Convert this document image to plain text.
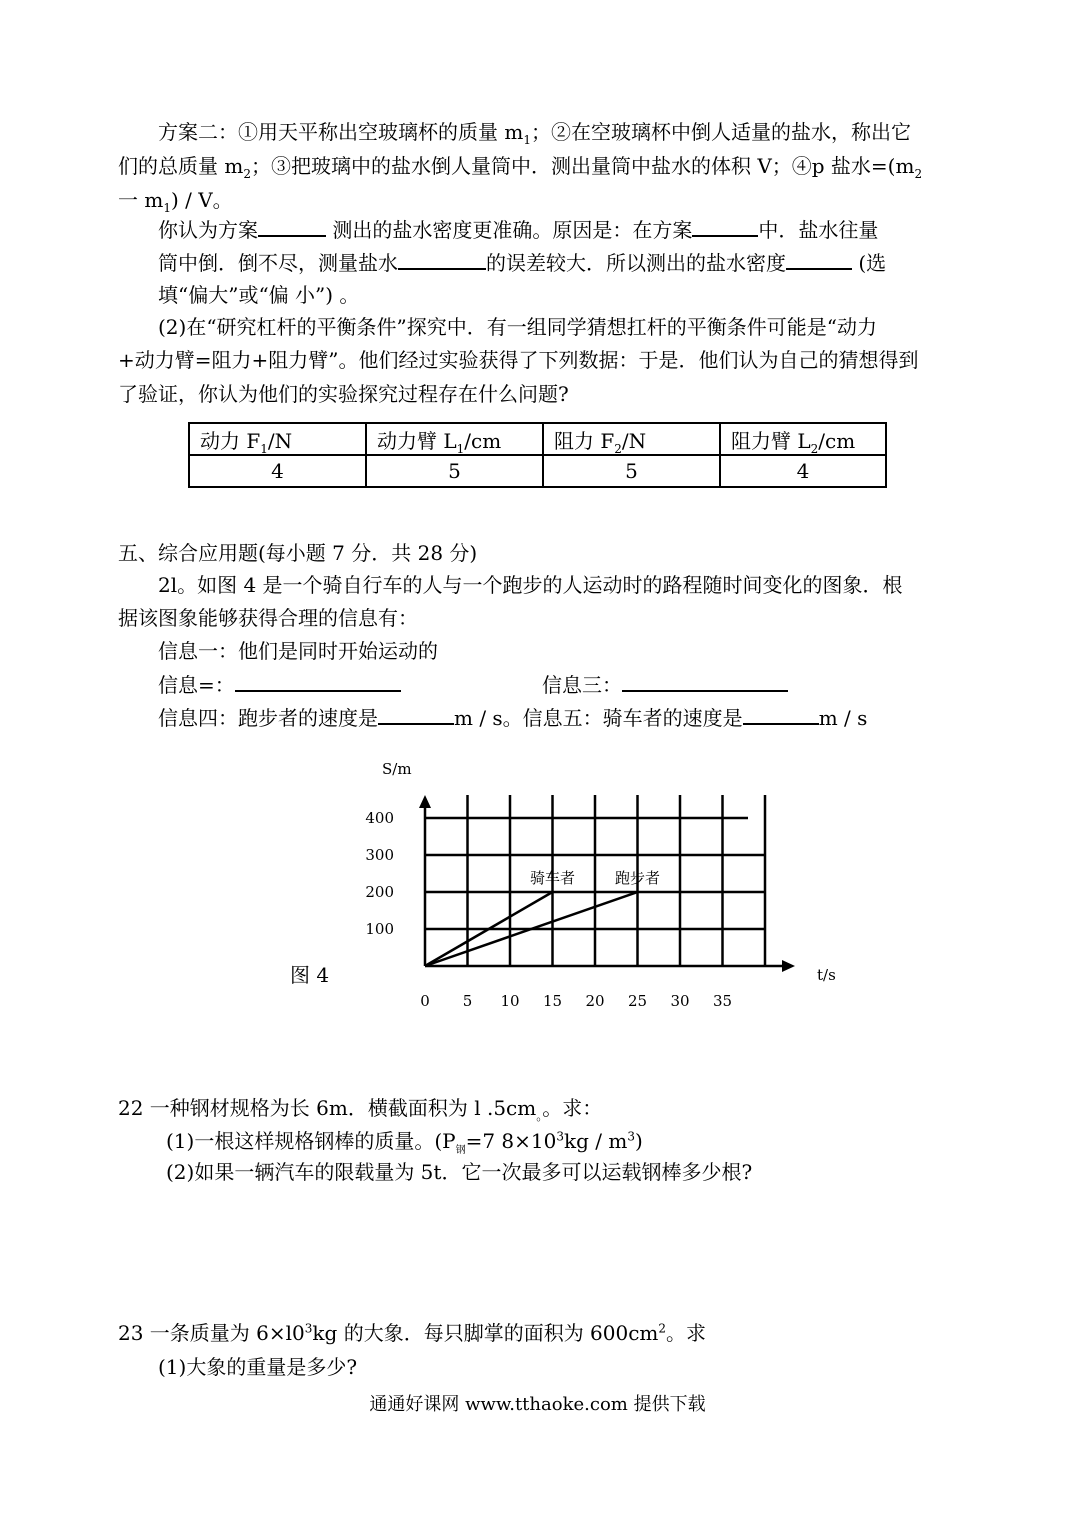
方案二：①用天平称出空玻璃杯的质量 $m_1$；②在空玻璃杯中倒人适量的盐水，称出它
们的总质量 $m_2$；③把玻璃中的盐水倒人量筒中．测出量筒中盐水的体积 V；④p 盐水$=(m_2$
一 $m_1$) / V。
你认为方案	测出的盐水密度更准确。原因是：在方案	中．盐水往量
筒中倒．倒不尽，测量盐水	的误差较大．所以测出的盐水密度	(选
填“偏大”或“偏 小”) 。
(2)在“研究杠杆的平衡条件”探究中．有一组同学猜想扛杆的平衡条件可能是“动力
+动力臂=阻力+阻力臂”。他们经过实验获得了下列数据：于是．他们认为自己的猜想得到
了验证，你认为他们的实验探究过程存在什么问题?
动力 $F_1/N$	动力臂 $L_1/cm$	阻力 $F_2/N$	阻力臂 $L_2/cm$
4	5	5	4
五、综合应用题(每小题 7 分．共 28 分)
2l。如图 4 是一个骑自行车的人与一个跑步的人运动时的路程随时间变化的图象．根
据该图象能够获得合理的信息有：
信息一：他们是同时开始运动的
信息=：	信息三：
信息四：跑步者的速度是	m / s。信息五：骑车者的速度是	m / s
0 5 10 15 20 25 30 35
100
200
300
400
骑车者	跑步者
S/m
t/s
图 4
22 一种钢材规格为长 6m．横截面积为 l $.5cm_。$。求：
(1)一根这样规格钢棒的质量。($P_钢=7$ $8\times 10^3kg / m^3$)
(2)如果一辆汽车的限载量为 5t．它一次最多可以运载钢棒多少根?
23 一条质量为 $6\times l0^3kg$ 的大象．每只脚掌的面积为 $600cm^2$。求
(1)大象的重量是多少?
通通好课网 www.tthaoke.com 提供下载
